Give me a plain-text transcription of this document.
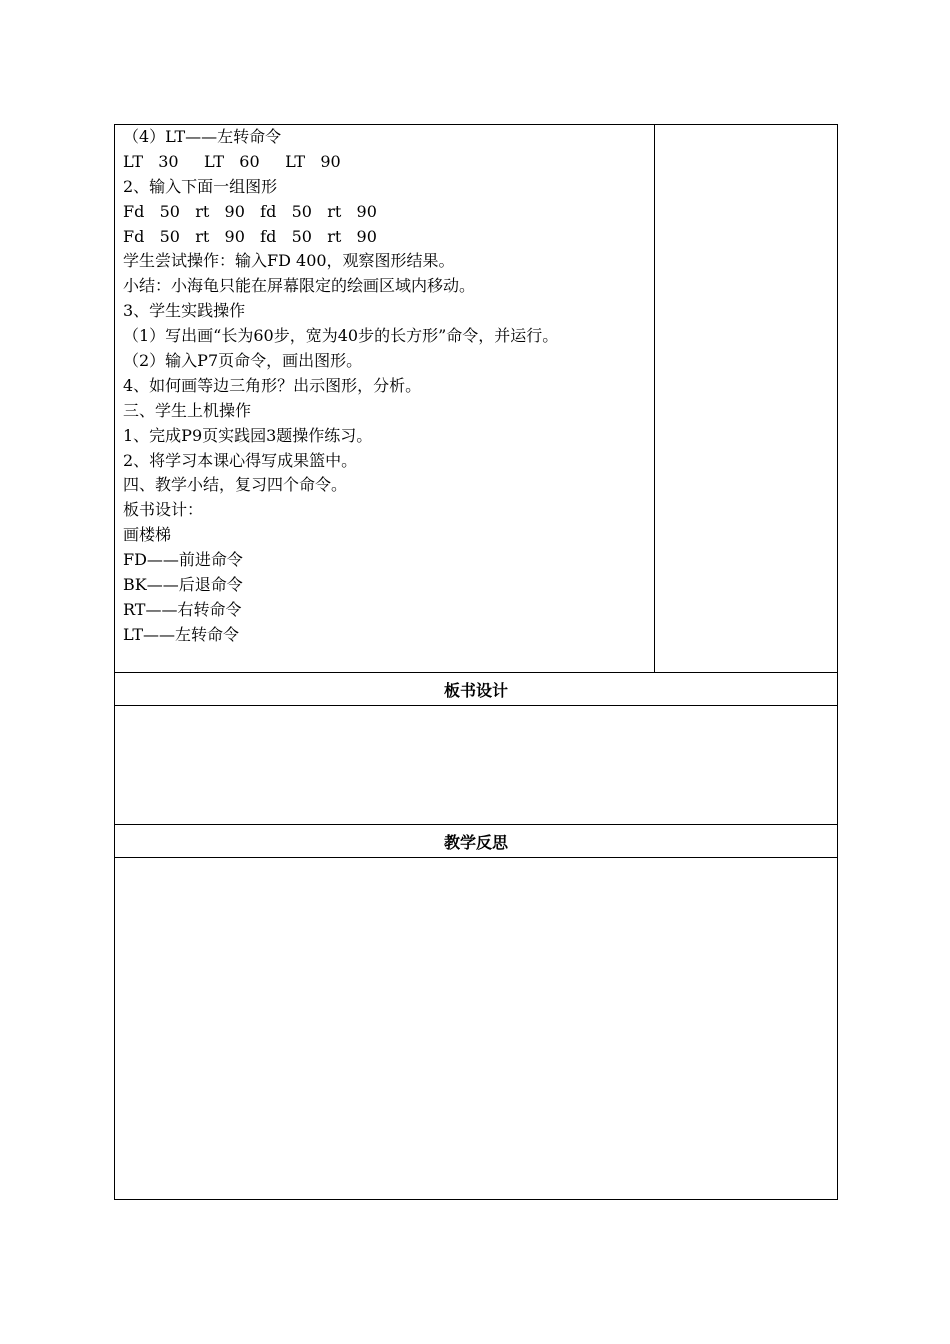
（4）LT——左转命令
LT   30     LT   60     LT   90
2、输入下面一组图形
Fd   50   rt   90   fd   50   rt   90
Fd   50   rt   90   fd   50   rt   90
学生尝试操作：输入FD 400，观察图形结果。
小结：小海龟只能在屏幕限定的绘画区域内移动。
3、学生实践操作
（1）写出画“长为60步，宽为40步的长方形”命令，并运行。
（2）输入P7页命令，画出图形。
4、如何画等边三角形？出示图形，分析。
三、学生上机操作
1、完成P9页实践园3题操作练习。
2、将学习本课心得写成果篮中。
四、教学小结，复习四个命令。
板书设计：
画楼梯
FD——前进命令
BK——后退命令
RT——右转命令
LT——左转命令

板书设计

教学反思
